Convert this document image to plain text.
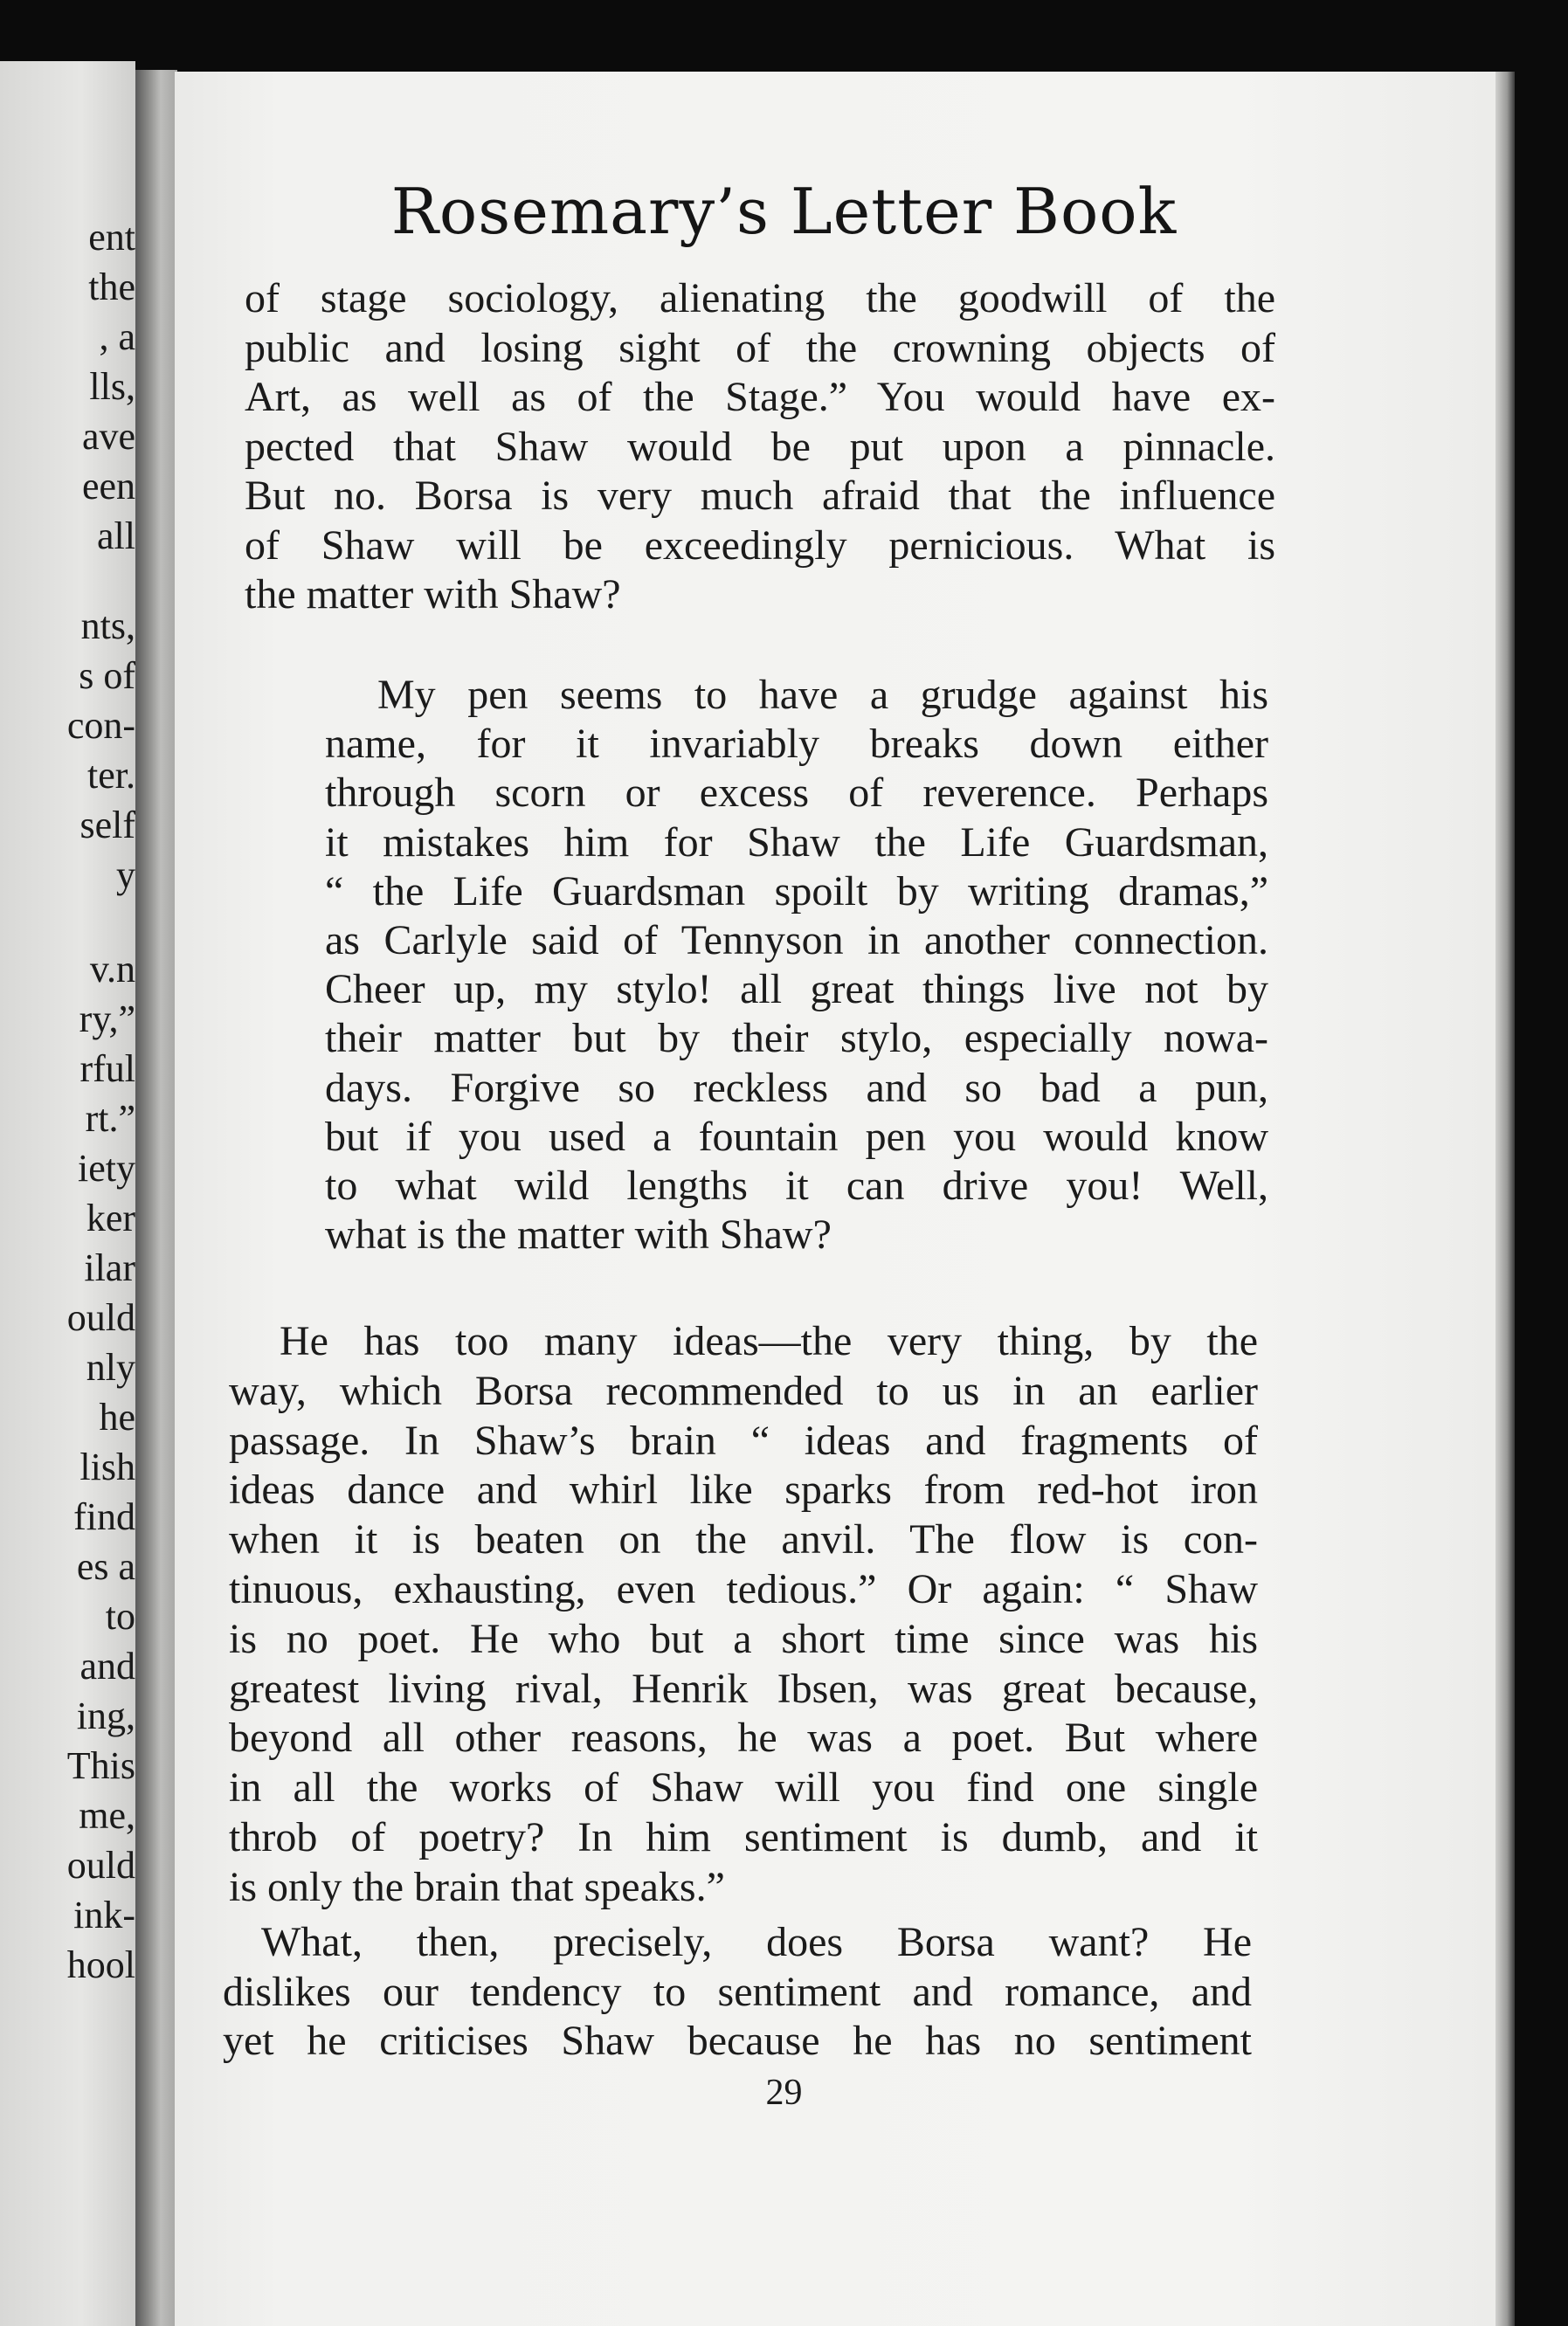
ent
the
, a
lls,
ave
een
all
nts,
s of
con-
ter.
self
y
v.n
ry,”
rful
rt.”
iety
ker
ilar
ould
nly
he
lish
find
es a
to
and
ing,
This
me,
ould
ink-
hool
Rosemary’s Letter Book
of stage sociology, alienating the goodwill of the
public and losing sight of the crowning objects of
Art, as well as of the Stage.” You would have ex-
pected that Shaw would be put upon a pinnacle.
But no. Borsa is very much afraid that the influence
of Shaw will be exceedingly pernicious. What is
the matter with Shaw?
My pen seems to have a grudge against his
name, for it invariably breaks down either
through scorn or excess of reverence. Perhaps
it mistakes him for Shaw the Life Guardsman,
“ the Life Guardsman spoilt by writing dramas,”
as Carlyle said of Tennyson in another connection.
Cheer up, my stylo! all great things live not by
their matter but by their stylo, especially nowa-
days. Forgive so reckless and so bad a pun,
but if you used a fountain pen you would know
to what wild lengths it can drive you! Well,
what is the matter with Shaw?
He has too many ideas—the very thing, by the
way, which Borsa recommended to us in an earlier
passage. In Shaw’s brain “ ideas and fragments of
ideas dance and whirl like sparks from red-hot iron
when it is beaten on the anvil. The flow is con-
tinuous, exhausting, even tedious.” Or again: “ Shaw
is no poet. He who but a short time since was his
greatest living rival, Henrik Ibsen, was great because,
beyond all other reasons, he was a poet. But where
in all the works of Shaw will you find one single
throb of poetry? In him sentiment is dumb, and it
is only the brain that speaks.”
What, then, precisely, does Borsa want? He
dislikes our tendency to sentiment and romance, and
yet he criticises Shaw because he has no sentiment
29
